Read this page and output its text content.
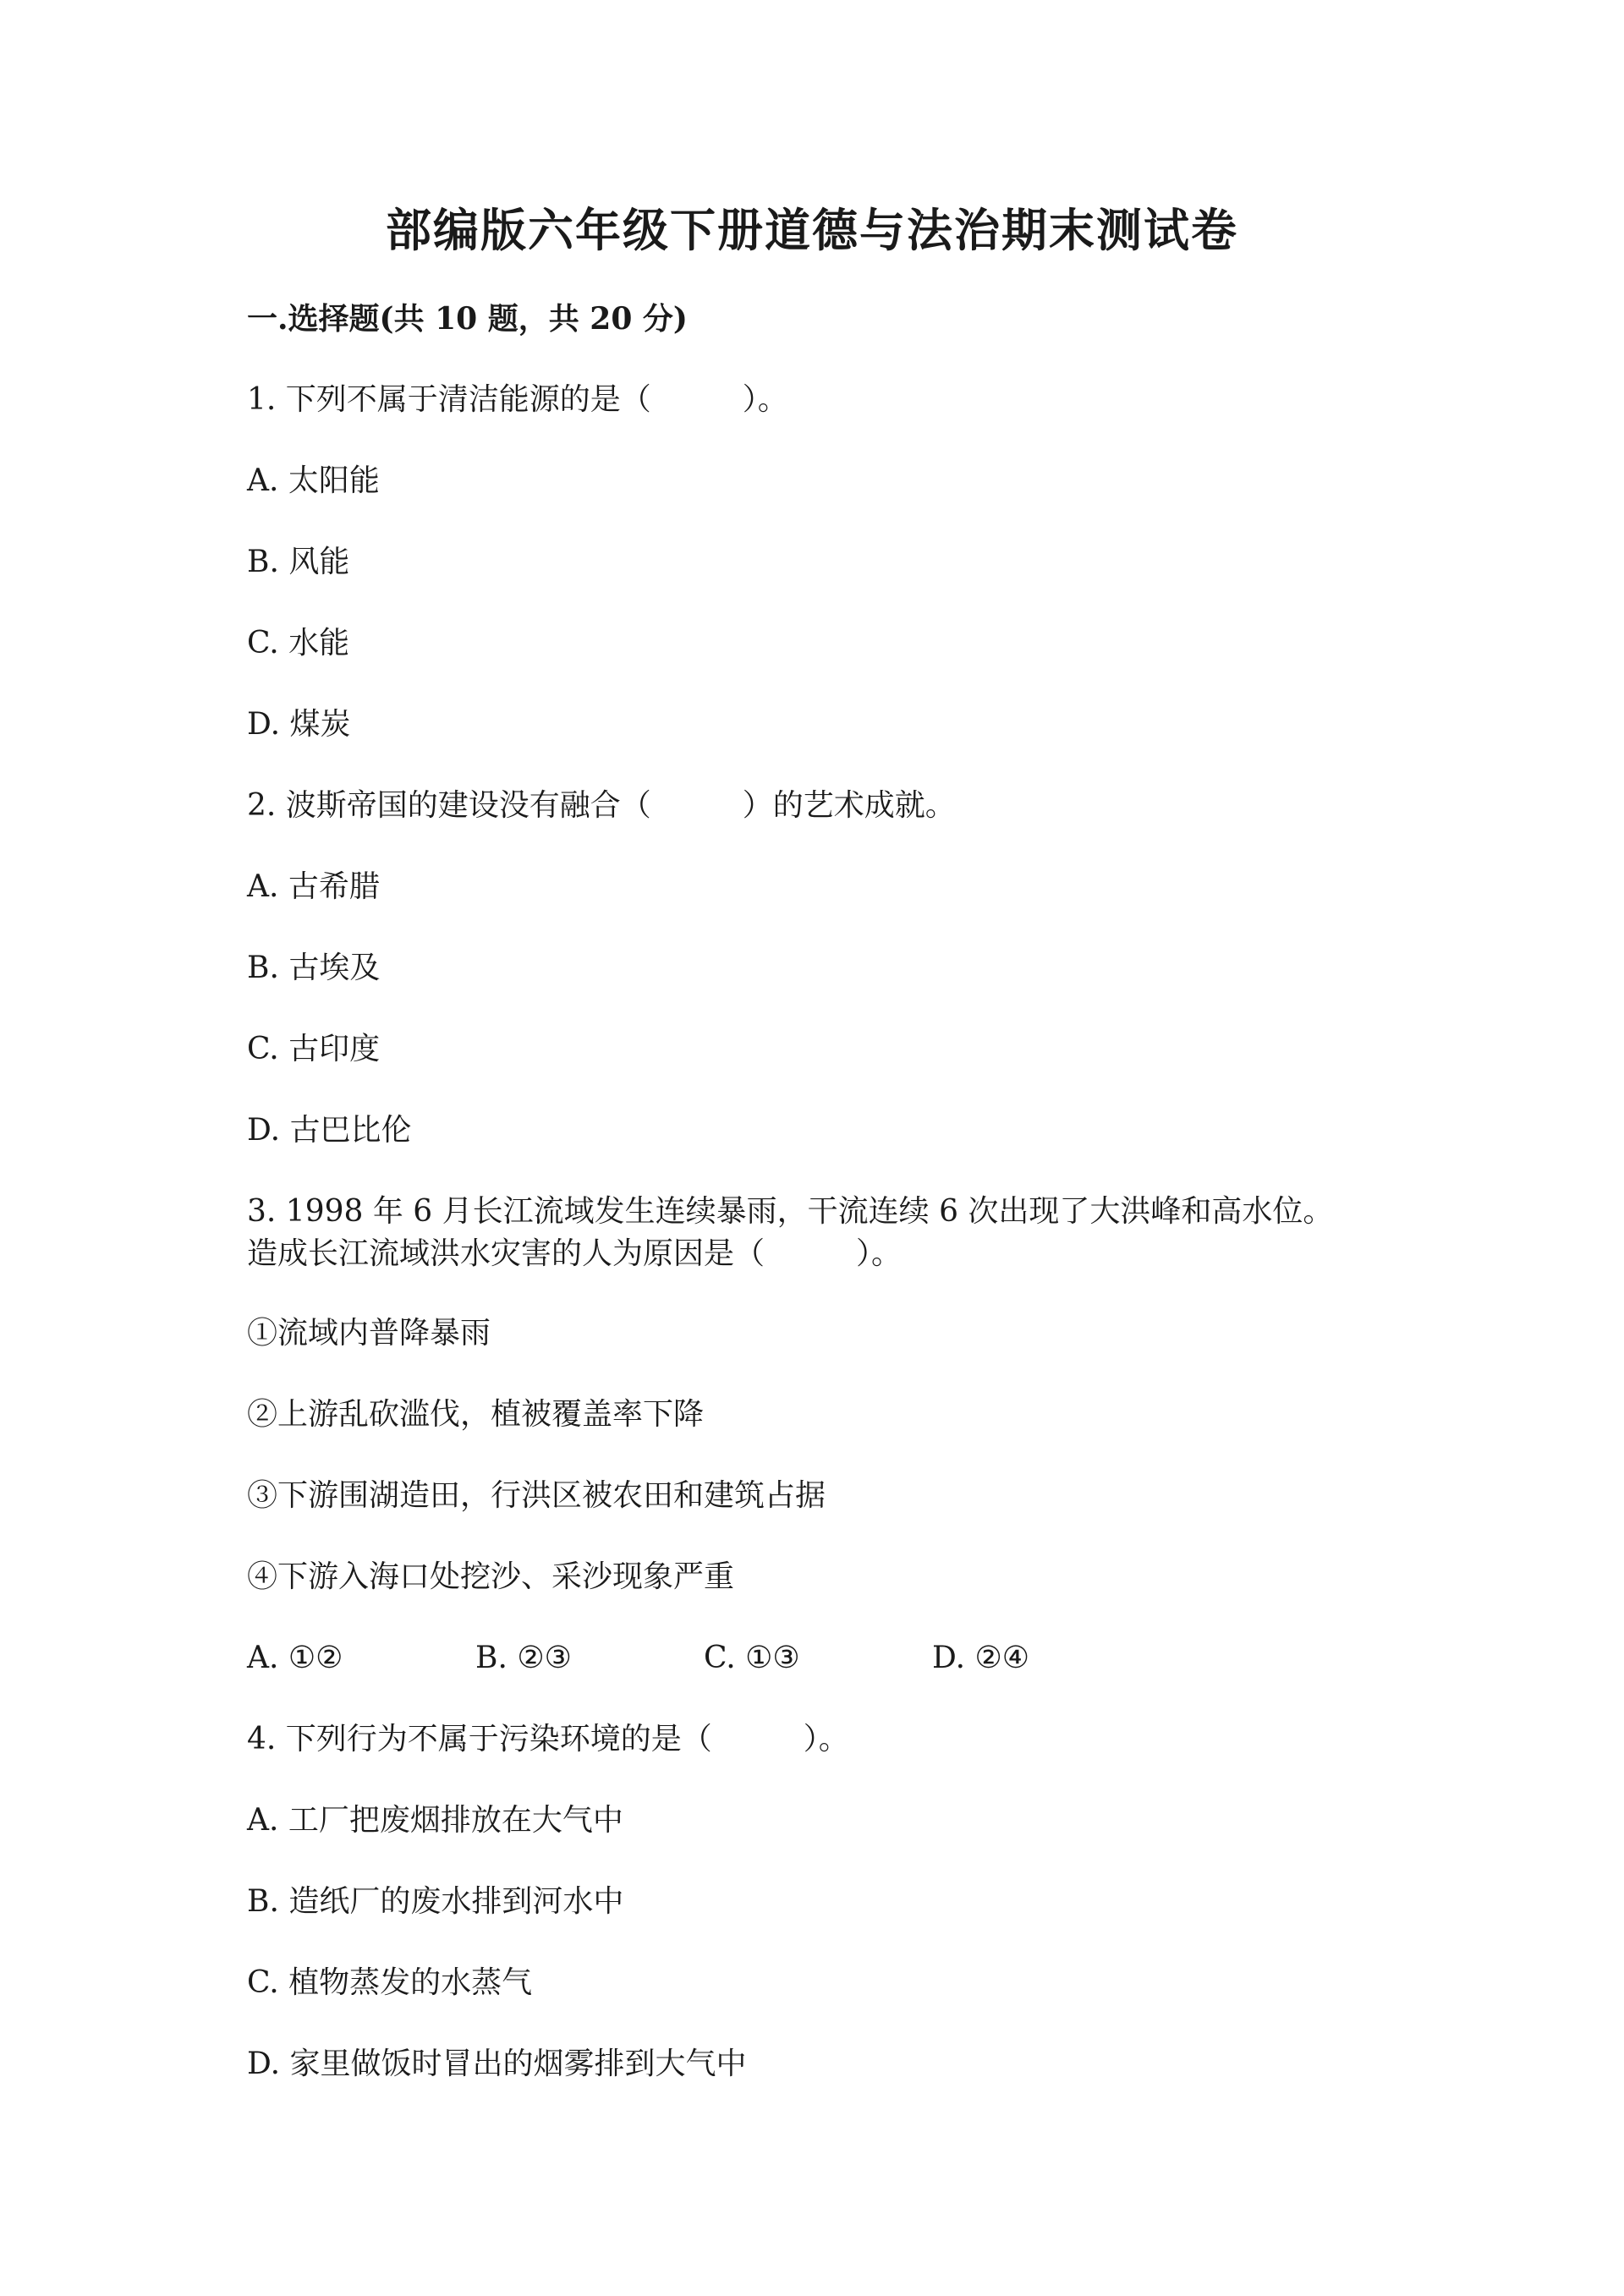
部编版六年级下册道德与法治期末测试卷
一.选择题(共 10 题，共 20 分)
1. 下列不属于清洁能源的是（　　　）。
A. 太阳能
B. 风能
C. 水能
D. 煤炭
2. 波斯帝国的建设没有融合（　　　）的艺术成就。
A. 古希腊
B. 古埃及
C. 古印度
D. 古巴比伦
3. 1998 年 6 月长江流域发生连续暴雨，干流连续 6 次出现了大洪峰和高水位。
造成长江流域洪水灾害的人为原因是（　　　）。
①流域内普降暴雨
②上游乱砍滥伐，植被覆盖率下降
③下游围湖造田，行洪区被农田和建筑占据
④下游入海口处挖沙、采沙现象严重
A. ①②	B. ②③	C. ①③	D. ②④
4. 下列行为不属于污染环境的是（　　　）。
A. 工厂把废烟排放在大气中
B. 造纸厂的废水排到河水中
C. 植物蒸发的水蒸气
D. 家里做饭时冒出的烟雾排到大气中
